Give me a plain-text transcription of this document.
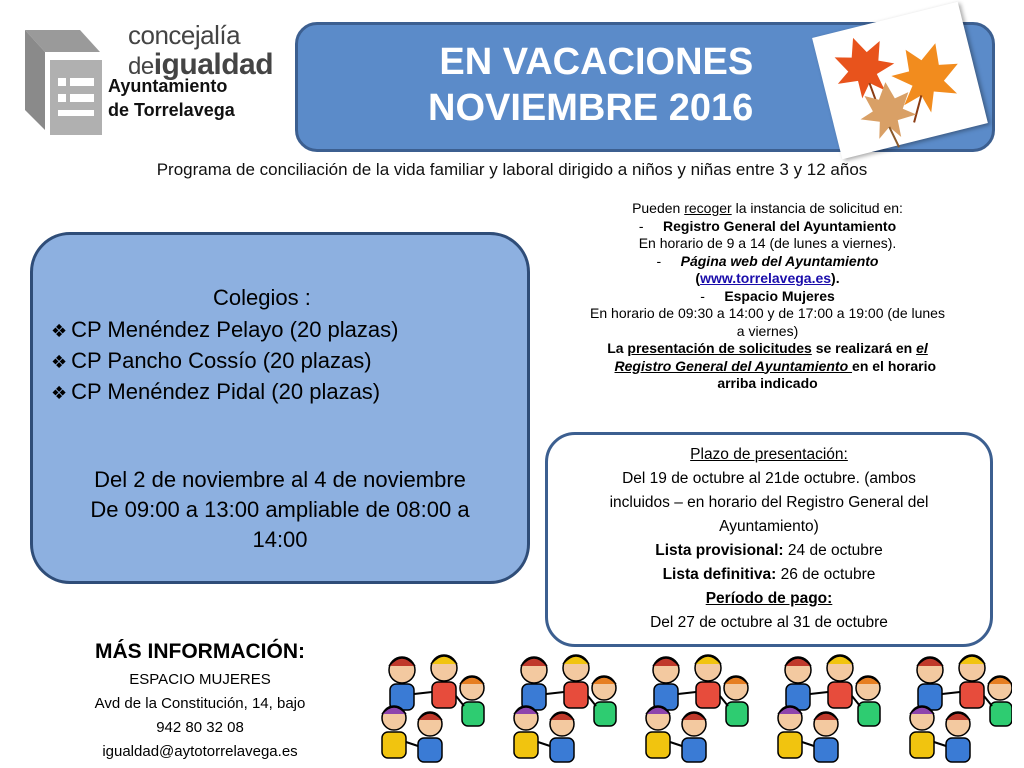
concejalía
deigualdad
Ayuntamiento
de Torrelavega
EN VACACIONES
NOVIEMBRE 2016
Programa de conciliación de la vida familiar y laboral dirigido a niños y niñas entre 3 y 12 años
Colegios :
❖ CP Menéndez Pelayo (20 plazas)
❖ CP Pancho Cossío (20 plazas)
❖ CP Menéndez Pidal (20 plazas)
Del 2 de noviembre al 4 de noviembre
De 09:00 a 13:00 ampliable de 08:00 a
14:00

Pueden recoger la instancia de solicitud en:

-     Registro General del Ayuntamiento

En horario de 9 a 14 (de lunes a viernes).

-     Página web del Ayuntamiento

(www.torrelavega.es).

-     Espacio Mujeres

En horario de 09:30 a 14:00 y de 17:00 a 19:00 (de lunes

a viernes)

La presentación de solicitudes se realizará en el

Registro General del Ayuntamiento en el horario

arriba indicado

Plazo de presentación:
Del 19 de octubre al 21de octubre. (ambos
incluidos – en horario del Registro General del
Ayuntamiento)
Lista provisional: 24 de octubre
Lista definitiva: 26 de octubre
Período de pago:
Del 27 de octubre al 31 de octubre
MÁS INFORMACIÓN:
ESPACIO MUJERES
Avd de la Constitución, 14, bajo
942 80 32 08
igualdad@aytotorrelavega.es
